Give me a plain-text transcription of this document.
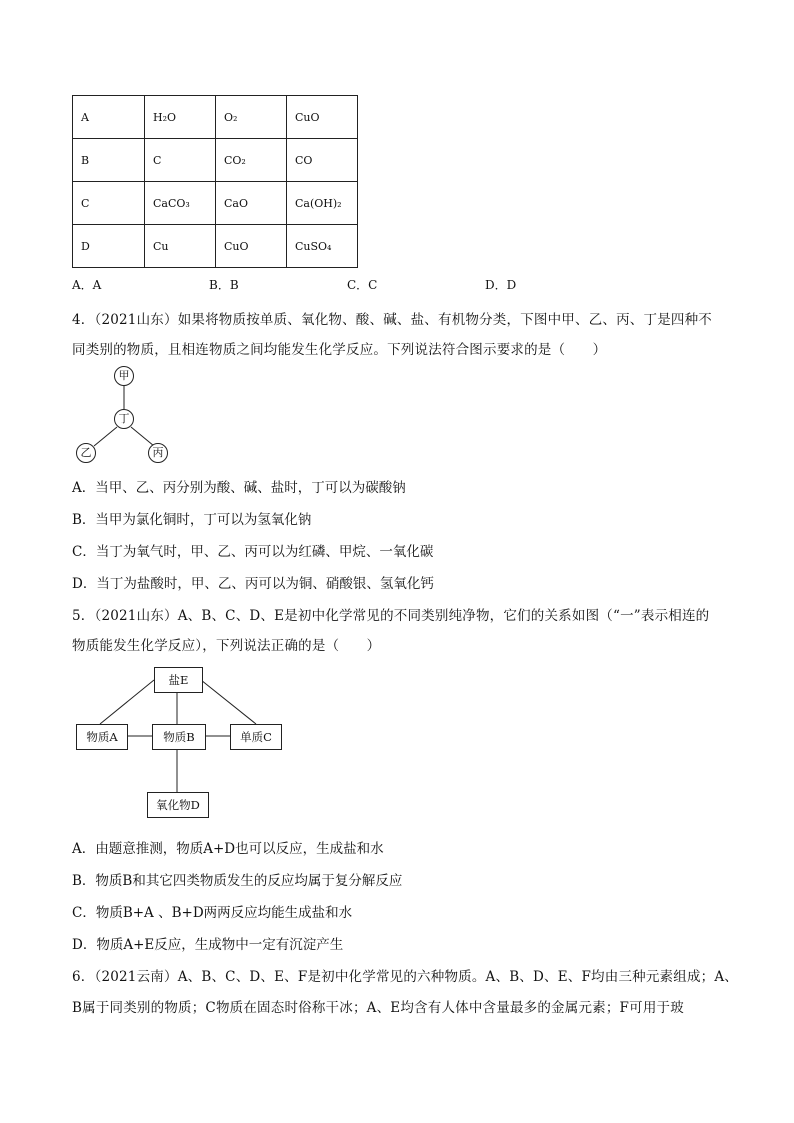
A	H₂O	O₂	CuO
B	C	CO₂	CO
C	CaCO₃	CaO	Ca(OH)₂
D	Cu	CuO	CuSO₄
A．A	B．B	C．C	D．D
4．（2021山东）如果将物质按单质、氧化物、酸、碱、盐、有机物分类，下图中甲、乙、丙、丁是四种不
同类别的物质，且相连物质之间均能发生化学反应。下列说法符合图示要求的是（　　）
甲
丁
乙	丙
A．当甲、乙、丙分别为酸、碱、盐时，丁可以为碳酸钠
B．当甲为氯化铜时，丁可以为氢氧化钠
C．当丁为氧气时，甲、乙、丙可以为红磷、甲烷、一氧化碳
D．当丁为盐酸时，甲、乙、丙可以为铜、硝酸银、氢氧化钙
5．（2021山东）A、B、C、D、E是初中化学常见的不同类别纯净物，它们的关系如图（“一”表示相连的
物质能发生化学反应），下列说法正确的是（　　）
盐E
物质A	物质B	单质C
氧化物D
A．由题意推测，物质A+D也可以反应，生成盐和水
B．物质B和其它四类物质发生的反应均属于复分解反应
C．物质B+A 、B+D两两反应均能生成盐和水
D．物质A+E反应，生成物中一定有沉淀产生
6．（2021云南）A、B、C、D、E、F是初中化学常见的六种物质。A、B、D、E、F均由三种元素组成；A、
B属于同类别的物质；C物质在固态时俗称干冰；A、E均含有人体中含量最多的金属元素；F可用于玻
